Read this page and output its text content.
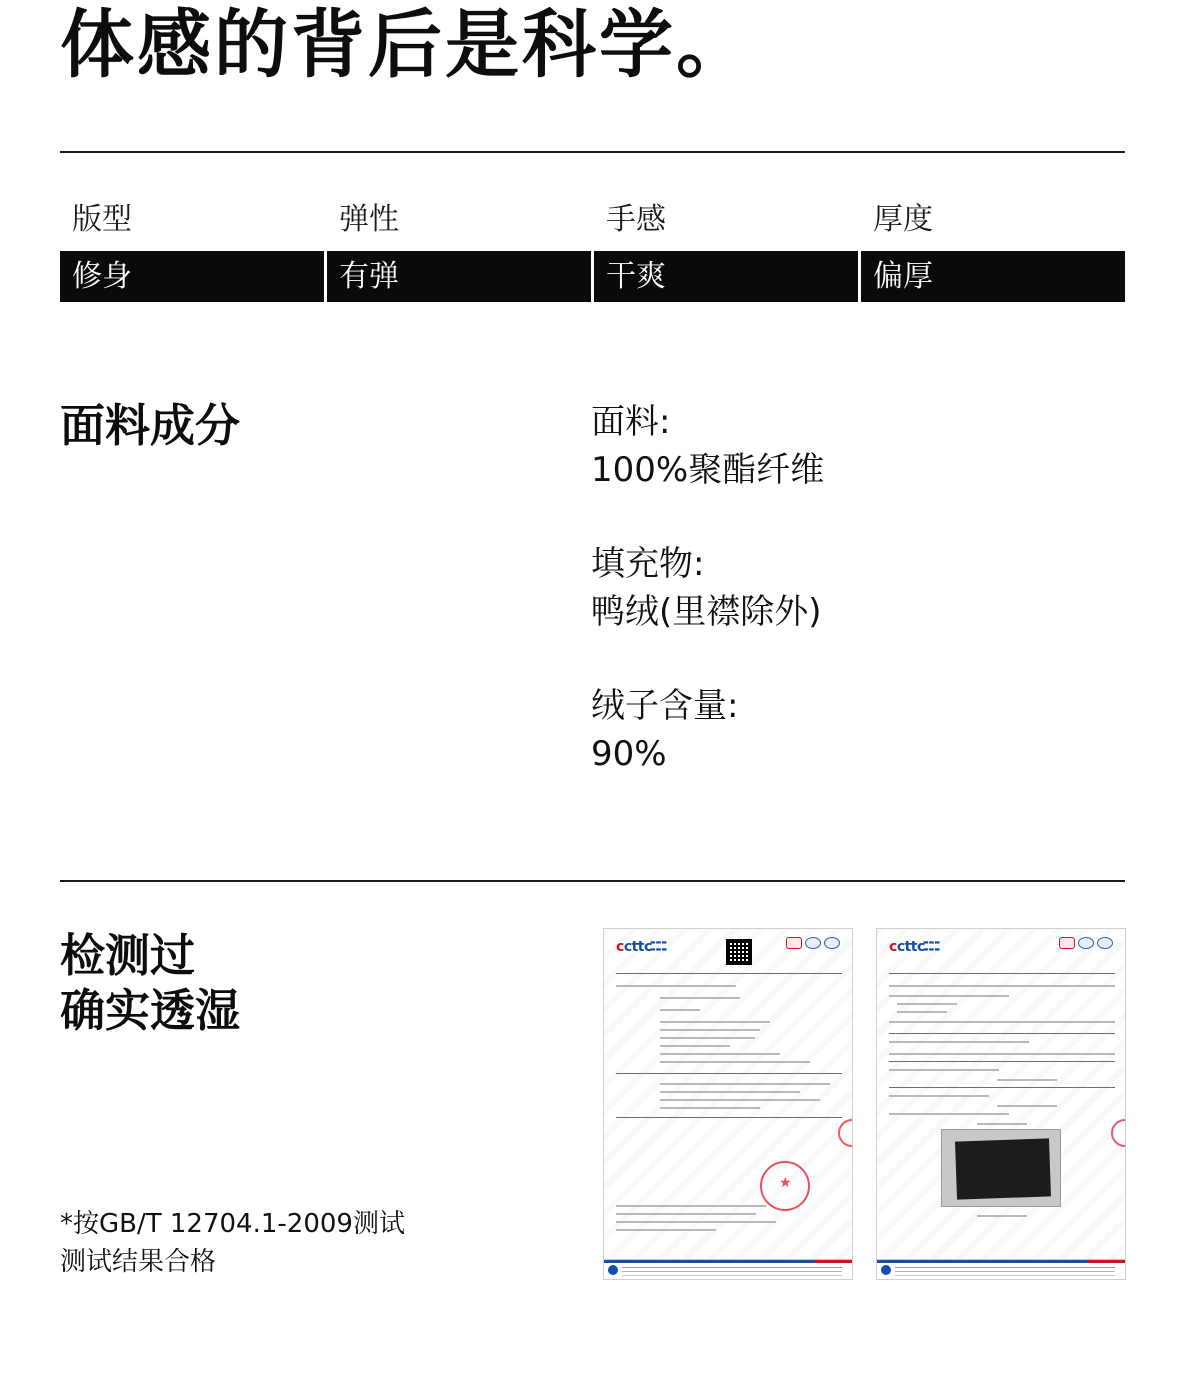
体感的背后是科学。
版型
修身
弹性
有弹
手感
干爽
厚度
偏厚
面料成分	面料:
100%聚酯纤维
填充物:
鸭绒(里襟除外)
绒子含量:
90%
检测过
确实透湿
*按GB/T 12704.1-2009测试
测试结果合格
ccttc
▬▬▬
▬▬▬
★
ccttc
▬▬▬
▬▬▬
